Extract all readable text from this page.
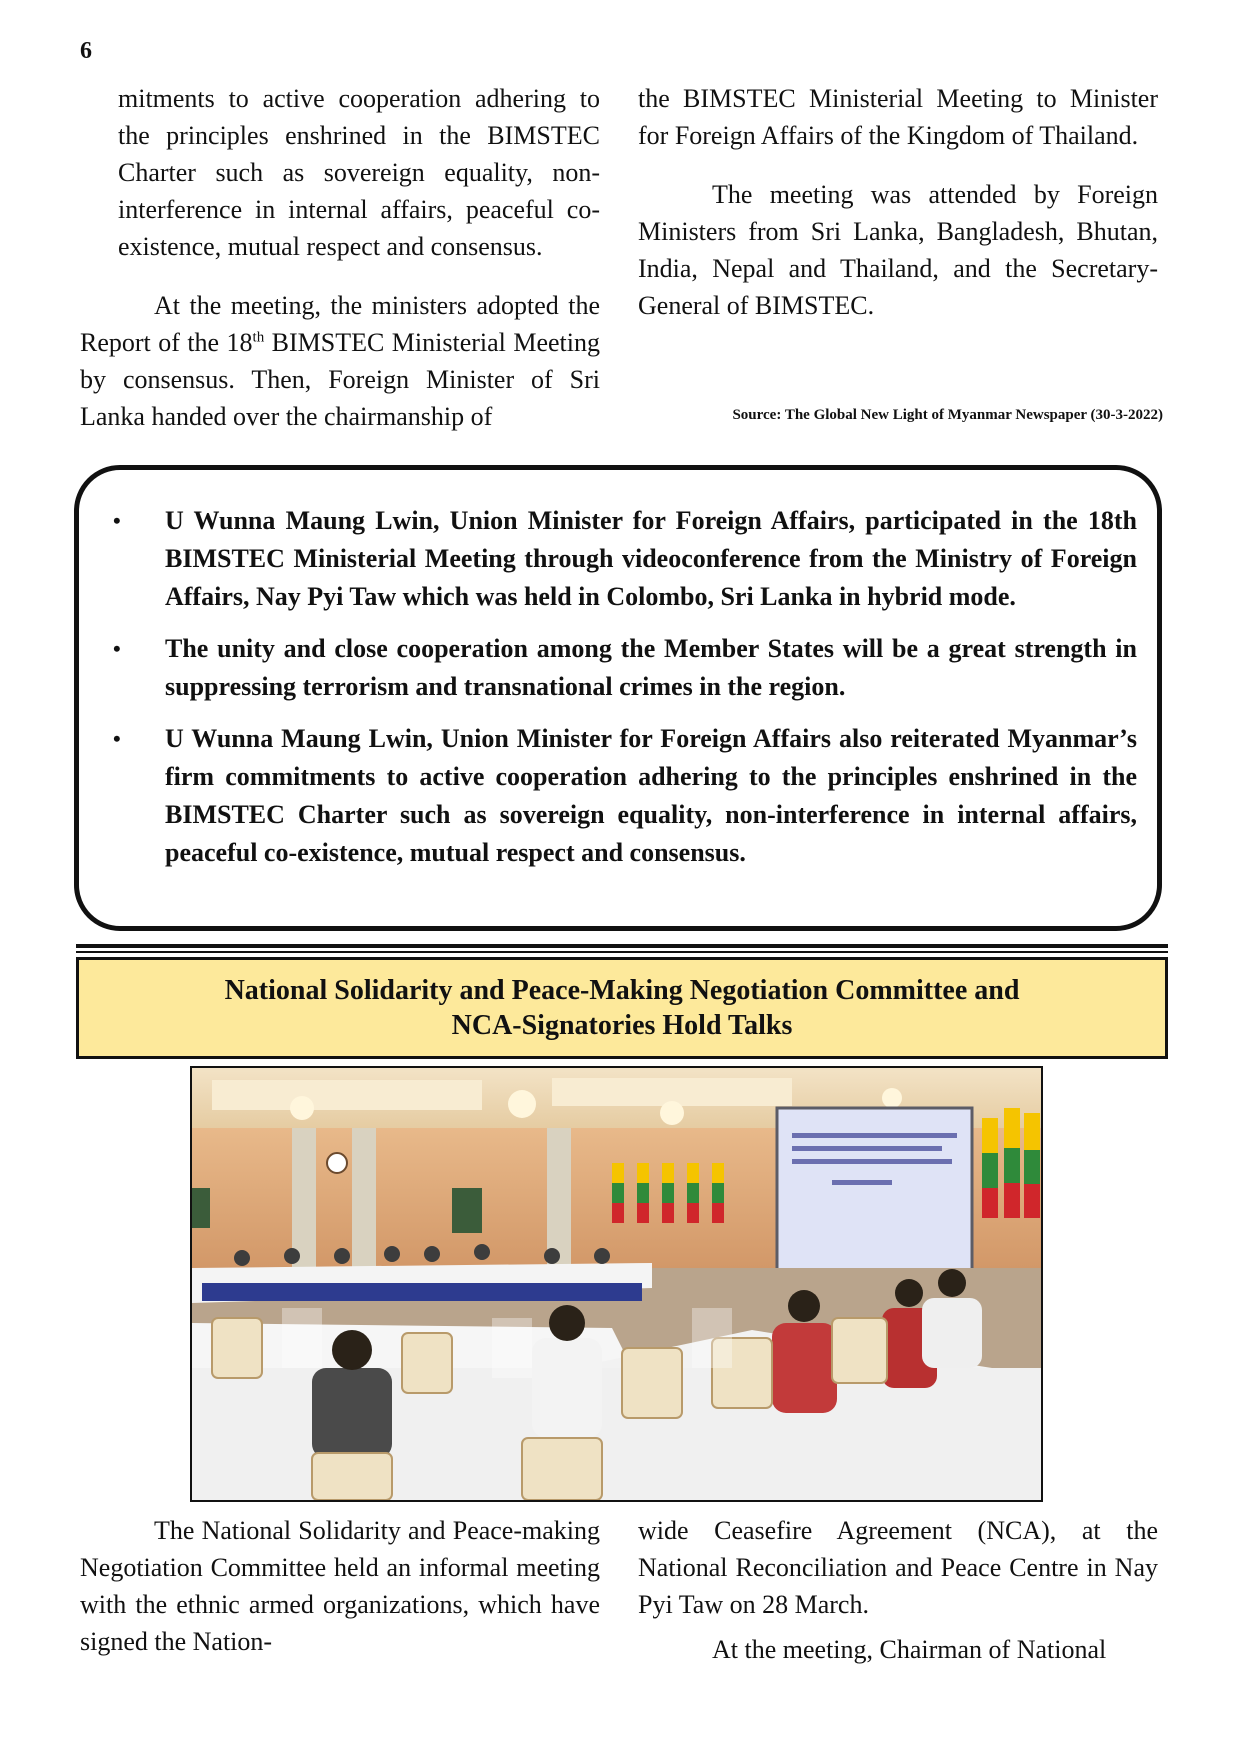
6

mitments to active cooperation adhering to the principles enshrined in the BIMSTEC Charter such as sovereign equality, non-interference in internal affairs, peaceful co-existence, mutual respect and consensus.

At the meeting, the ministers adopted the Report of the 18th BIMSTEC Ministerial Meeting by consensus. Then, Foreign Minister of Sri Lanka handed over the chairmanship of

the BIMSTEC Ministerial Meeting to Minister for Foreign Affairs of the Kingdom of Thailand.

The meeting was attended by Foreign Ministers from Sri Lanka, Bangladesh, Bhutan, India, Nepal and Thailand, and the Secretary-General of BIMSTEC.

Source: The Global New Light of Myanmar Newspaper (30-3-2022)
• U Wunna Maung Lwin, Union Minister for Foreign Affairs, participated in the 18th BIMSTEC Ministerial Meeting through videoconference from the Ministry of Foreign Affairs, Nay Pyi Taw which was held in Colombo, Sri Lanka in hybrid mode.
• The unity and close cooperation among the Member States will be a great strength in suppressing terrorism and transnational crimes in the region.
• U Wunna Maung Lwin, Union Minister for Foreign Affairs also reiterated Myanmar’s firm commitments to active cooperation adhering to the principles enshrined in the BIMSTEC Charter such as sovereign equality, non-interference in internal affairs, peaceful co-existence, mutual respect and consensus.
National Solidarity and Peace-Making Negotiation Committee and
NCA-Signatories Hold Talks

The National Solidarity and Peace-making Negotiation Committee held an informal meeting with the ethnic armed organizations, which have signed the Nation-

wide Ceasefire Agreement (NCA), at the National Reconciliation and Peace Centre in Nay Pyi Taw on 28 March.

At the meeting, Chairman of National
